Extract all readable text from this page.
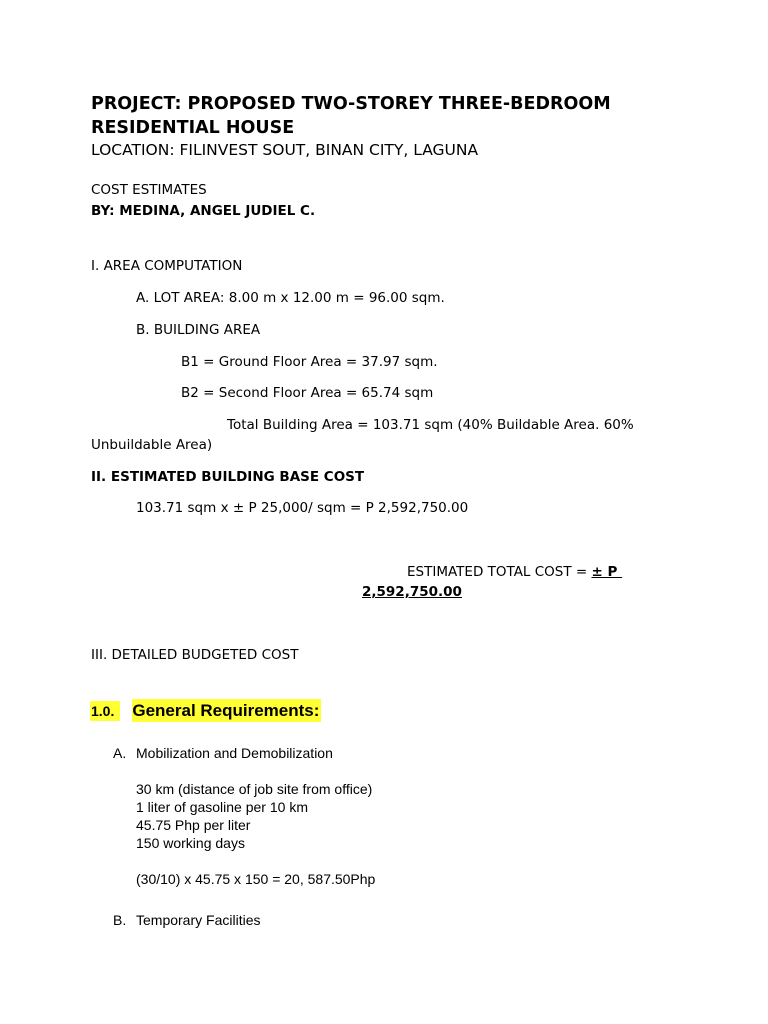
PROJECT: PROPOSED TWO-STOREY THREE-BEDROOM
RESIDENTIAL HOUSE
LOCATION: FILINVEST SOUT, BINAN CITY, LAGUNA
COST ESTIMATES
BY: MEDINA, ANGEL JUDIEL C.
I. AREA COMPUTATION
A. LOT AREA: 8.00 m x 12.00 m = 96.00 sqm.
B. BUILDING AREA
B1 = Ground Floor Area = 37.97 sqm.
B2 = Second Floor Area = 65.74 sqm
Total Building Area = 103.71 sqm (40% Buildable Area. 60%
Unbuildable Area)
II. ESTIMATED BUILDING BASE COST
103.71 sqm x ± P 25,000/ sqm = P 2,592,750.00
ESTIMATED TOTAL COST = ± P
2,592,750.00
III. DETAILED BUDGETED COST
1.0. General Requirements:
A. Mobilization and Demobilization
30 km (distance of job site from office)
1 liter of gasoline per 10 km
45.75 Php per liter
150 working days
(30/10) x 45.75 x 150 = 20, 587.50Php
B. Temporary Facilities
